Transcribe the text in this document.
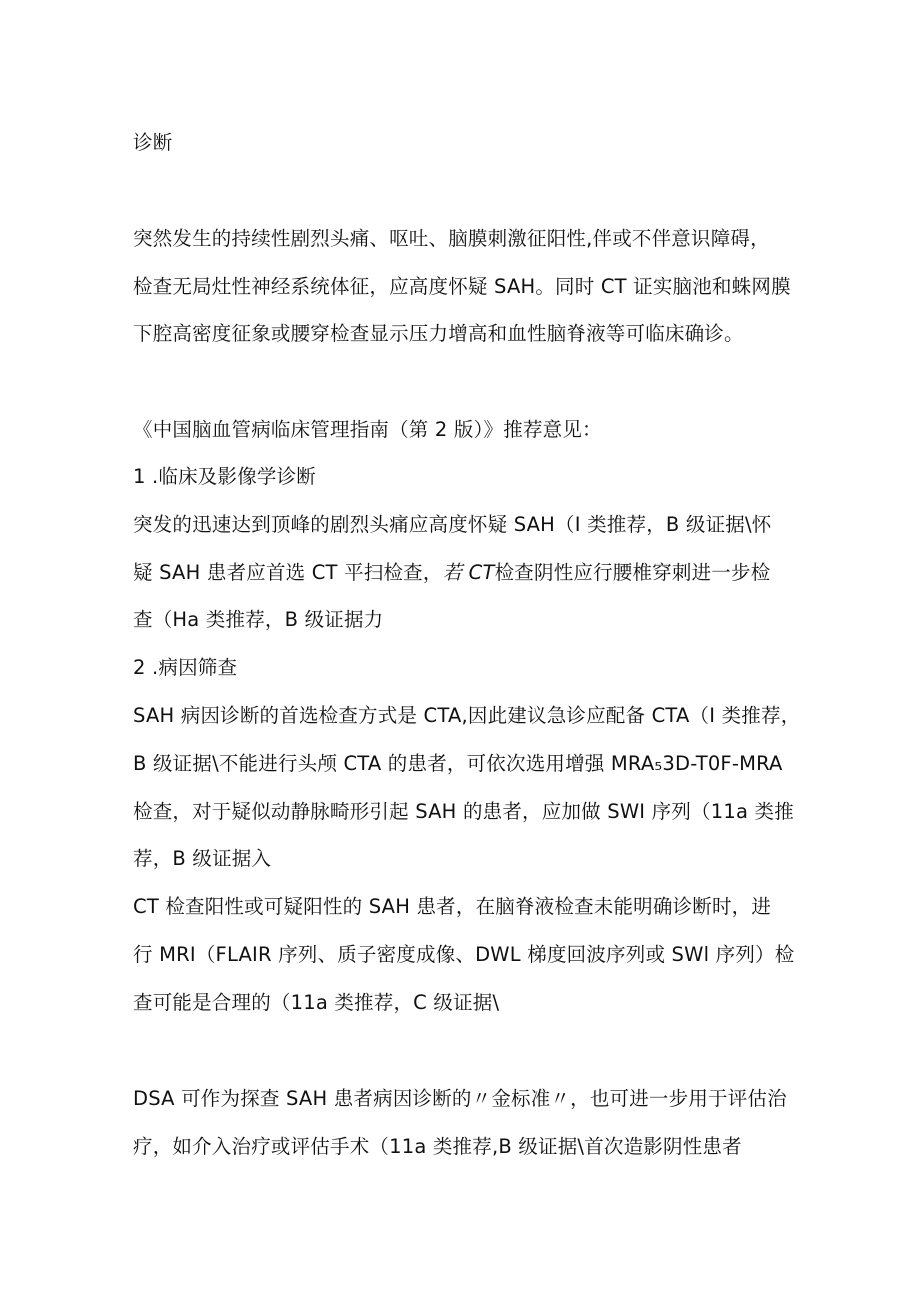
诊断
突然发生的持续性剧烈头痛、呕吐、脑膜刺激征阳性,伴或不伴意识障碍，
检查无局灶性神经系统体征，应高度怀疑 SAH。同时 CT 证实脑池和蛛网膜
下腔高密度征象或腰穿检查显示压力增高和血性脑脊液等可临床确诊。
《中国脑血管病临床管理指南（第 2 版）》推荐意见：
1 .临床及影像学诊断
突发的迅速达到顶峰的剧烈头痛应高度怀疑 SAH（I 类推荐，B 级证据\怀
疑 SAH 患者应首选 CT 平扫检查，若 CT检查阴性应行腰椎穿刺进一步检
查（Ha 类推荐，B 级证据力
2 .病因筛查
SAH 病因诊断的首选检查方式是 CTA,因此建议急诊应配备 CTA（I 类推荐，
B 级证据\不能进行头颅 CTA 的患者，可依次选用增强 MRA₅3D-T0F-MRA
检查，对于疑似动静脉畸形引起 SAH 的患者，应加做 SWI 序列（11a 类推
荐，B 级证据入
CT 检查阳性或可疑阳性的 SAH 患者，在脑脊液检查未能明确诊断时，进
行 MRI（FLAIR 序列、质子密度成像、DWL 梯度回波序列或 SWl 序列）检
查可能是合理的（11a 类推荐，C 级证据\
DSA 可作为探查 SAH 患者病因诊断的〃金标准〃，也可进一步用于评估治
疗，如介入治疗或评估手术（11a 类推荐,B 级证据\首次造影阴性患者
